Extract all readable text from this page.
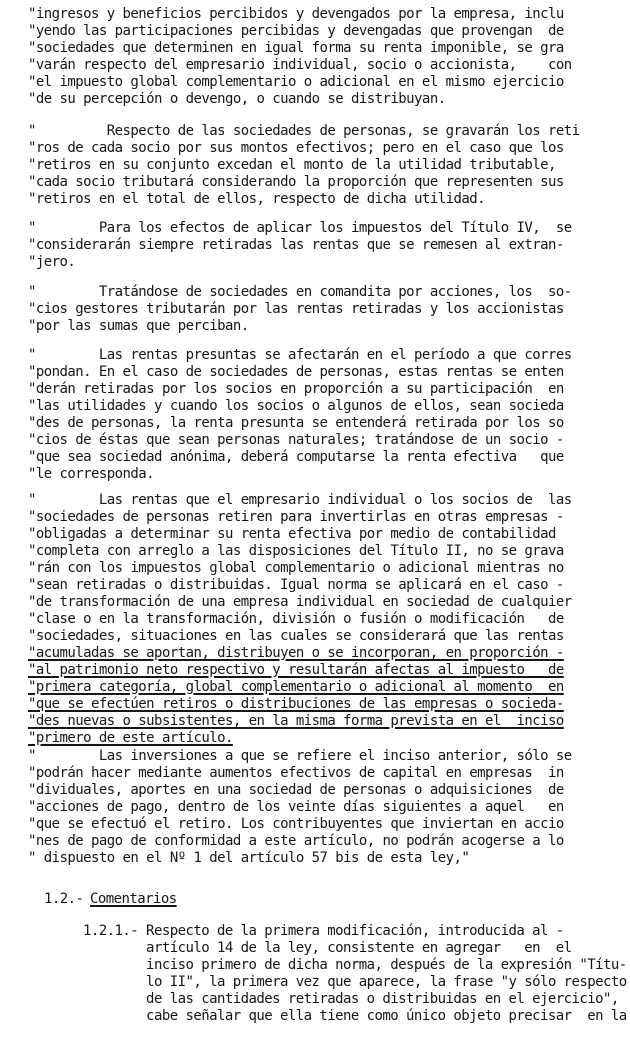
"ingresos y beneficios percibidos y devengados por la empresa, inclu
"yendo las participaciones percibidas y devengadas que provengan  de
"sociedades que determinen en igual forma su renta imponible, se gra
"varán respecto del empresario individual, socio o accionista,    con
"el impuesto global complementario o adicional en el mismo ejercicio
"de su percepción o devengo, o cuando se distribuyan.
"         Respecto de las sociedades de personas, se gravarán los reti
"ros de cada socio por sus montos efectivos; pero en el caso que los
"retiros en su conjunto excedan el monto de la utilidad tributable,
"cada socio tributará considerando la proporción que representen sus
"retiros en el total de ellos, respecto de dicha utilidad.
"        Para los efectos de aplicar los impuestos del Título IV,  se
"considerarán siempre retiradas las rentas que se remesen al extran-
"jero.
"        Tratándose de sociedades en comandita por acciones, los  so-
"cios gestores tributarán por las rentas retiradas y los accionistas
"por las sumas que perciban.
"        Las rentas presuntas se afectarán en el período a que corres
"pondan. En el caso de sociedades de personas, estas rentas se enten
"derán retiradas por los socios en proporción a su participación  en
"las utilidades y cuando los socios o algunos de ellos, sean socieda
"des de personas, la renta presunta se entenderá retirada por los so
"cios de éstas que sean personas naturales; tratándose de un socio -
"que sea sociedad anónima, deberá computarse la renta efectiva   que
"le corresponda.
"        Las rentas que el empresario individual o los socios de  las
"sociedades de personas retiren para invertirlas en otras empresas -
"obligadas a determinar su renta efectiva por medio de contabilidad
"completa con arreglo a las disposiciones del Título II, no se grava
"rán con los impuestos global complementario o adicional mientras no
"sean retiradas o distribuidas. Igual norma se aplicará en el caso -
"de transformación de una empresa individual en sociedad de cualquier
"clase o en la transformación, división o fusión o modificación   de
"sociedades, situaciones en las cuales se considerará que las rentas
"acumuladas se aportan, distribuyen o se incorporan, en proporción -
"al patrimonio neto respectivo y resultarán afectas al impuesto   de
"primera categoría, global complementario o adicional al momento  en
"que se efectúen retiros o distribuciones de las empresas o socieda-
"des nuevas o subsistentes, en la misma forma prevista en el  inciso
"primero de este artículo.
"        Las inversiones a que se refiere el inciso anterior, sólo se
"podrán hacer mediante aumentos efectivos de capital en empresas  in
"dividuales, aportes en una sociedad de personas o adquisiciones  de
"acciones de pago, dentro de los veinte días siguientes a aquel   en
"que se efectuó el retiro. Los contribuyentes que inviertan en accio
"nes de pago de conformidad a este artículo, no podrán acogerse a lo
" dispuesto en el Nº 1 del artículo 57 bis de esta ley,"
1.2.- Comentarios
1.2.1.- Respecto de la primera modificación, introducida al -
artículo 14 de la ley, consistente en agregar   en  el
inciso primero de dicha norma, después de la expresión "Títu-
lo II", la primera vez que aparece, la frase "y sólo respecto
de las cantidades retiradas o distribuidas en el ejercicio",
cabe señalar que ella tiene como único objeto precisar  en la
